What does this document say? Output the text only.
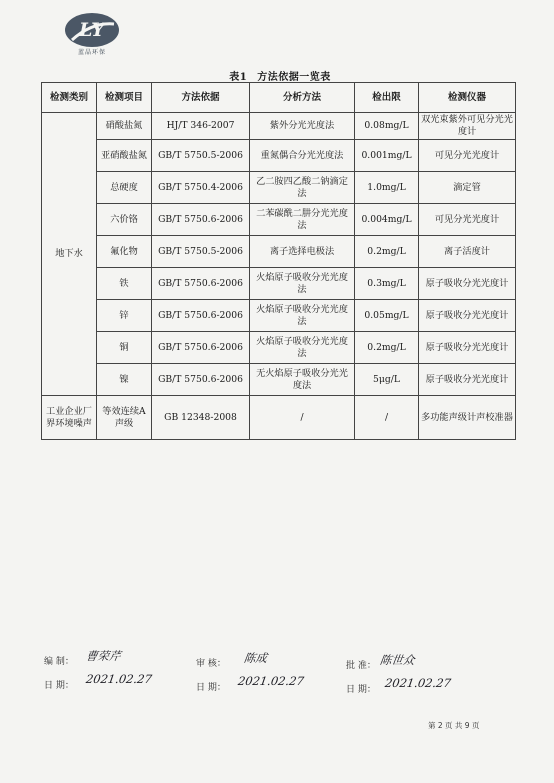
LY
蓝晶环保
表1 方法依据一览表
检测类别	检测项目	方法依据	分析方法	检出限	检测仪器
地下水	硝酸盐氮	HJ/T 346-2007	紫外分光光度法	0.08mg/L	双光束紫外可见分光光度计
	亚硝酸盐氮	GB/T 5750.5-2006	重氮偶合分光光度法	0.001mg/L	可见分光光度计
	总硬度	GB/T 5750.4-2006	乙二胺四乙酸二钠滴定法	1.0mg/L	滴定管
	六价铬	GB/T 5750.6-2006	二苯碳酰二肼分光光度法	0.004mg/L	可见分光光度计
	氟化物	GB/T 5750.5-2006	离子选择电极法	0.2mg/L	离子活度计
	铁	GB/T 5750.6-2006	火焰原子吸收分光光度法	0.3mg/L	原子吸收分光光度计
	锌	GB/T 5750.6-2006	火焰原子吸收分光光度法	0.05mg/L	原子吸收分光光度计
	铜	GB/T 5750.6-2006	火焰原子吸收分光光度法	0.2mg/L	原子吸收分光光度计
	镍	GB/T 5750.6-2006	无火焰原子吸收分光光度法	5μg/L	原子吸收分光光度计
工业企业厂界环境噪声	等效连续A声级	GB 12348-2008	/	/	多功能声级计声校准器
编 制： 曹荣芹
日 期： 2021.02.27
审 核： 陈成
日 期： 2021.02.27
批 准： 陈世众
日 期： 2021.02.27
第 2 页 共 9 页
